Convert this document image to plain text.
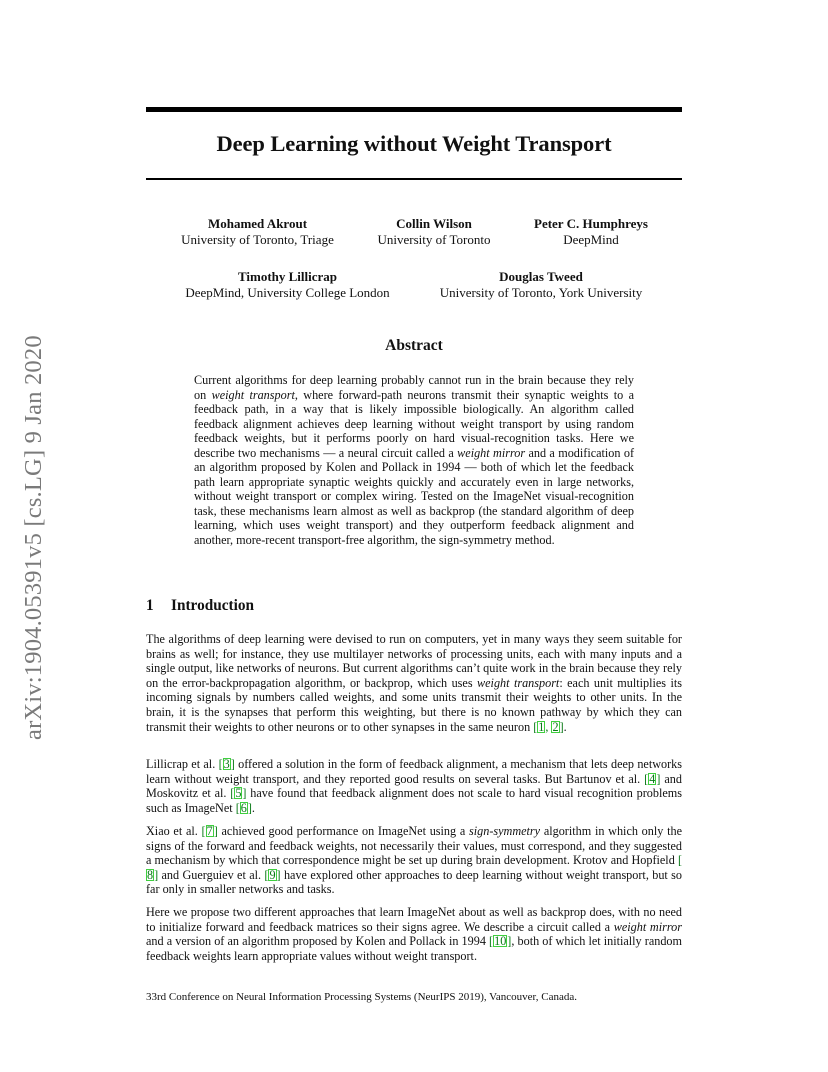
Deep Learning without Weight Transport
Mohamed Akrout
University of Toronto, Triage
Collin Wilson
University of Toronto
Peter C. Humphreys
DeepMind
Timothy Lillicrap
DeepMind, University College London
Douglas Tweed
University of Toronto, York University
arXiv:1904.05391v5 [cs.LG] 9 Jan 2020	Abstract

Current algorithms for deep learning probably cannot run in the brain because they rely on weight transport, where forward-path neurons transmit their synaptic weights to a feedback path, in a way that is likely impossible biologically. An algorithm called feedback alignment achieves deep learning without weight transport by using random feedback weights, but it performs poorly on hard visual-recognition tasks. Here we describe two mechanisms — a neural circuit called a weight mirror and a modification of an algorithm proposed by Kolen and Pollack in 1994 — both of which let the feedback path learn appropriate synaptic weights quickly and accurately even in large networks, without weight transport or complex wiring. Tested on the ImageNet visual-recognition task, these mechanisms learn almost as well as backprop (the standard algorithm of deep learning, which uses weight transport) and they outperform feedback alignment and another, more-recent transport-free algorithm, the sign-symmetry method.

1 Introduction

The algorithms of deep learning were devised to run on computers, yet in many ways they seem suitable for brains as well; for instance, they use multilayer networks of processing units, each with many inputs and a single output, like networks of neurons. But current algorithms can’t quite work in the brain because they rely on the error-backpropagation algorithm, or backprop, which uses weight transport: each unit multiplies its incoming signals by numbers called weights, and some units transmit their weights to other units. In the brain, it is the synapses that perform this weighting, but there is no known pathway by which they can transmit their weights to other neurons or to other synapses in the same neuron [1, 2].

Lillicrap et al. [3] offered a solution in the form of feedback alignment, a mechanism that lets deep networks learn without weight transport, and they reported good results on several tasks. But Bartunov et al. [4] and Moskovitz et al. [5] have found that feedback alignment does not scale to hard visual recognition problems such as ImageNet [6].

Xiao et al. [7] achieved good performance on ImageNet using a sign-symmetry algorithm in which only the signs of the forward and feedback weights, not necessarily their values, must correspond, and they suggested a mechanism by which that correspondence might be set up during brain development. Krotov and Hopfield [8] and Guerguiev et al. [9] have explored other approaches to deep learning without weight transport, but so far only in smaller networks and tasks.

Here we propose two different approaches that learn ImageNet about as well as backprop does, with no need to initialize forward and feedback matrices so their signs agree. We describe a circuit called a weight mirror and a version of an algorithm proposed by Kolen and Pollack in 1994 [10], both of which let initially random feedback weights learn appropriate values without weight transport.

33rd Conference on Neural Information Processing Systems (NeurIPS 2019), Vancouver, Canada.
